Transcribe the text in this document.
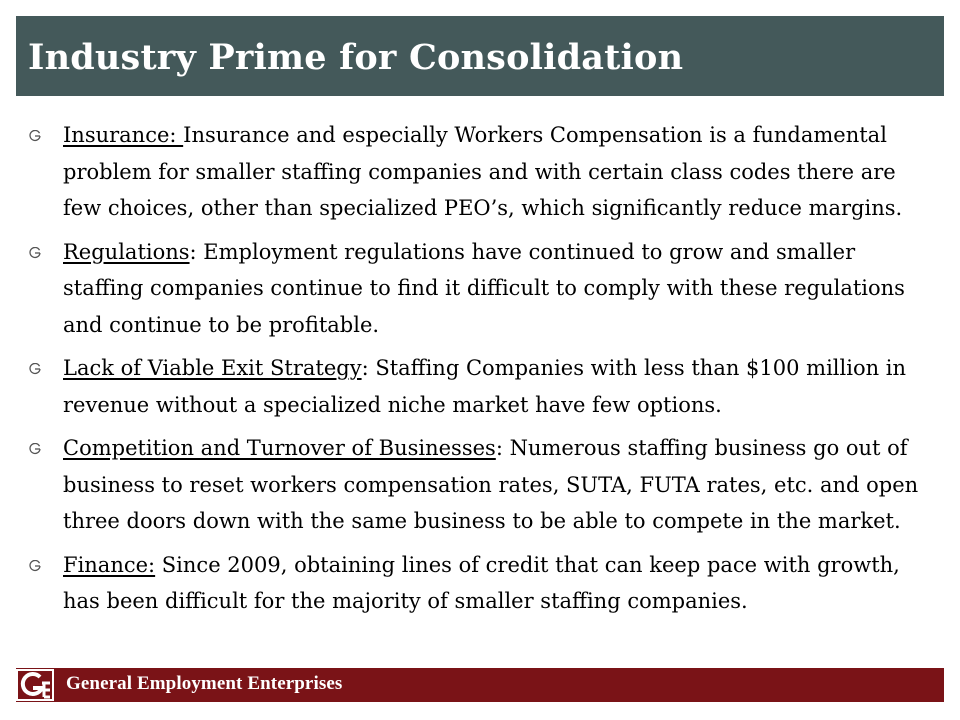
Industry Prime for Consolidation
Insurance: Insurance and especially Workers Compensation is a fundamental problem for smaller staffing companies and with certain class codes there are few choices, other than specialized PEO’s, which significantly reduce margins.
Regulations: Employment regulations have continued to grow and smaller staffing companies continue to find it difficult to comply with these regulations and continue to be profitable.
Lack of Viable Exit Strategy: Staffing Companies with less than $100 million in revenue without a specialized niche market have few options.
Competition and Turnover of Businesses: Numerous staffing business go out of business to reset workers compensation rates, SUTA, FUTA rates, etc. and open three doors down with the same business to be able to compete in the market.
Finance: Since 2009, obtaining lines of credit that can keep pace with growth, has been difficult for the majority of smaller staffing companies.
General Employment Enterprises
